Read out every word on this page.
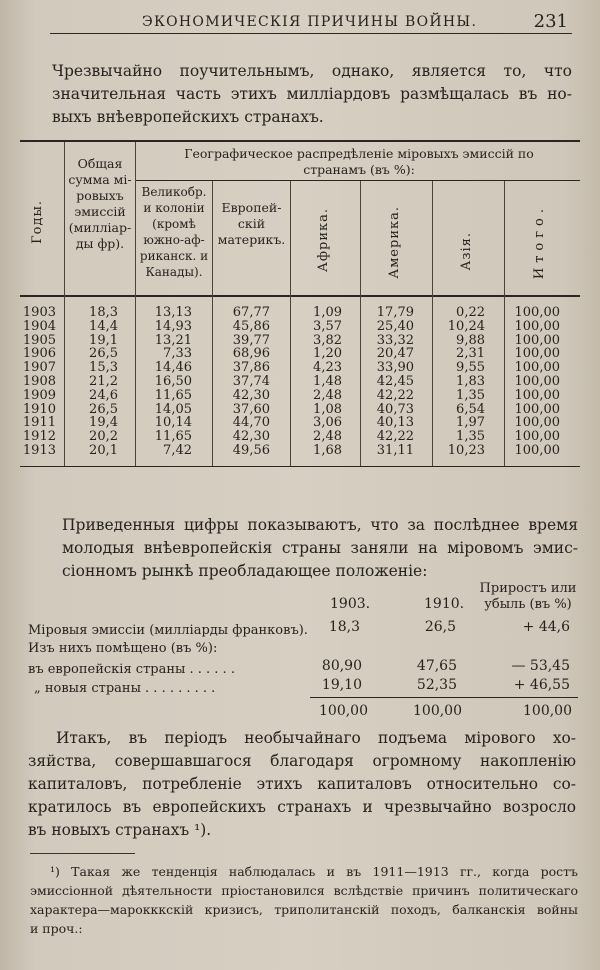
ЭКОНОМИЧЕСКІЯ ПРИЧИНЫ ВОЙНЫ.	231
Чрезвычайно поучительнымъ, однако, является то, что
значительная часть этихъ милліардовъ размѣщалась въ но-
выхъ внѣевропейскихъ странахъ.
Годы.
Общая
сумма мі-
ровыхъ
эмиссій
(милліар-
ды фр).
Географическое распредѣленіе міровыхъ эмиссій по
странамъ (въ %):
Великобр.
и колоніи
(кромѣ
южно-аф-
риканск. и
Канады).
Европей-
скій
материкъ.	Африка.	Америка.	Азія.	Итого.
1903	18,3	13,13	67,77	1,09	17,79	0,22 100,00
1904	14,4	14,93	45,86	3,57	25,40	10,24 100,00
1905	19,1	13,21	39,77	3,82	33,32	9,88 100,00
1906	26,5	7,33	68,96	1,20	20,47	2,31 100,00
1907	15,3	14,46	37,86	4,23	33,90	9,55 100,00
1908	21,2	16,50	37,74	1,48	42,45	1,83 100,00
1909	24,6	11,65	42,30	2,48	42,22	1,35 100,00
1910	26,5	14,05	37,60	1,08	40,73	6,54 100,00
1911	19,4	10,14	44,70	3,06	40,13	1,97 100,00
1912	20,2	11,65	42,30	2,48	42,22	1,35 100,00
1913	20,1	7,42	49,56	1,68	31,11	10,23 100,00
Приведенныя цифры показываютъ, что за послѣднее время
молодыя внѣевропейскія страны заняли на міровомъ эмис-
сіонномъ рынкѣ преобладающее положеніе:
1903.	1910.
Приростъ или
убыль (въ %)
Міровыя эмиссіи (милліарды франковъ).	18,3	26,5	+ 44,6
Изъ нихъ помѣщено (въ %):
въ европейскія страны . . . . . .	80,90	47,65	— 53,45
„ новыя страны . . . . . . . . .	19,10	52,35	+ 46,55
100,00	100,00	100,00
Итакъ, въ періодъ необычайнаго подъема мірового хо-
зяйства, совершавшагося благодаря огромному накопленію
капиталовъ, потребленіе этихъ капиталовъ относительно со-
кратилось въ европейскихъ странахъ и чрезвычайно возросло
въ новыхъ странахъ ¹).
¹) Такая же тенденція наблюдалась и въ 1911—1913 гг., когда ростъ
эмиссіонной дѣятельности пріостановился вслѣдствіе причинъ политическаго
характера—марокккскій кризисъ, триполитанскій походъ, балканскія войны
и проч.:
